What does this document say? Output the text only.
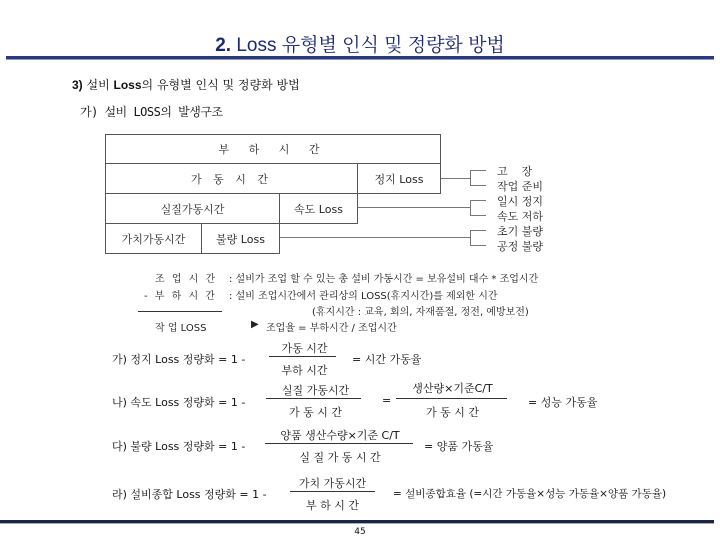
2. Loss 유형별 인식 및 정량화 방법
3) 설비 Loss의 유형별 인식 및 정량화 방법
가) 설비 LOSS의 발생구조
부 하 시 간
가 동 시 간	정지 Loss
실질가동시간	속도 Loss
가치가동시간	불량 Loss
고    장
작업 준비
일시 정지
속도 저하
초기 불량
공정 불량
조 업 시 간 : 설비가 조업 할 수 있는 총 설비 가동시간 = 보유설비 대수 * 조업시간
- 부 하 시 간 : 설비 조업시간에서 관리상의 LOSS(휴지시간)를 제외한 시간
(휴지시간 : 교육, 회의, 자재품절, 정전, 예방보전)
작 업 LOSS	▶ 조업율 = 부하시간 / 조업시간
가) 정지 Loss 정량화 = 1 -
가동 시간
부하 시간
= 시간 가동율
나) 속도 Loss 정량화 = 1 -
실질 가동시간
가 동 시 간
=
생산량×기준C/T
가 동 시 간
= 성능 가동율
다) 불량 Loss 정량화 = 1 -
양품 생산수량×기준 C/T
실 질 가 동 시 간
= 양품 가동율
라) 설비종합 Loss 정량화 = 1 -
가치 가동시간
부 하 시 간
= 설비종합효율 (=시간 가동율×성능 가동율×양품 가동율)
45
